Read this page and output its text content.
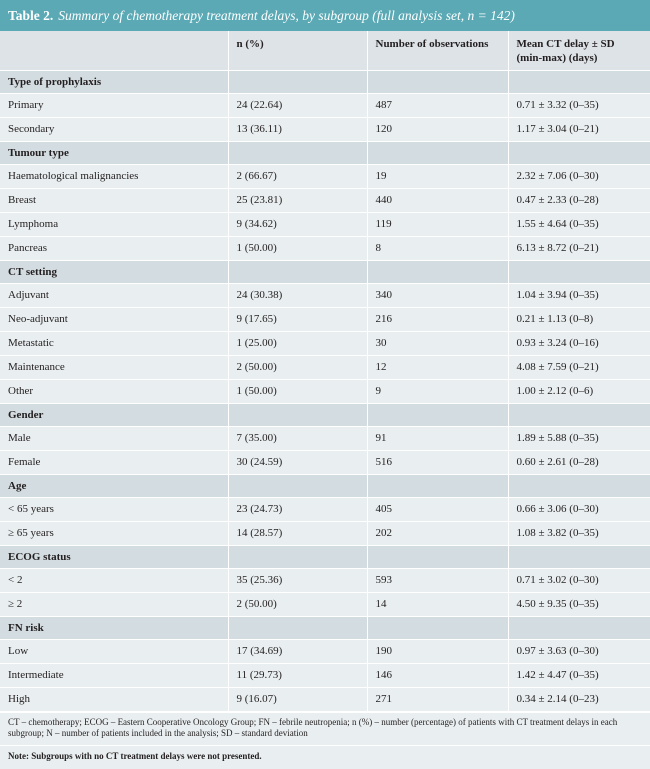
Table 2. Summary of chemotherapy treatment delays, by subgroup (full analysis set, n = 142)
	n (%)	Number of observations	Mean CT delay ± SD (min-max) (days)
Type of prophylaxis			
Primary	24 (22.64)	487	0.71 ± 3.32 (0–35)
Secondary	13 (36.11)	120	1.17 ± 3.04 (0–21)
Tumour type			
Haematological malignancies	2 (66.67)	19	2.32 ± 7.06 (0–30)
Breast	25 (23.81)	440	0.47 ± 2.33 (0–28)
Lymphoma	9 (34.62)	119	1.55 ± 4.64 (0–35)
Pancreas	1 (50.00)	8	6.13 ± 8.72 (0–21)
CT setting			
Adjuvant	24 (30.38)	340	1.04 ± 3.94 (0–35)
Neo-adjuvant	9 (17.65)	216	0.21 ± 1.13 (0–8)
Metastatic	1 (25.00)	30	0.93 ± 3.24 (0–16)
Maintenance	2 (50.00)	12	4.08 ± 7.59 (0–21)
Other	1 (50.00)	9	1.00 ± 2.12 (0–6)
Gender			
Male	7 (35.00)	91	1.89 ± 5.88 (0–35)
Female	30 (24.59)	516	0.60 ± 2.61 (0–28)
Age			
< 65 years	23 (24.73)	405	0.66 ± 3.06 (0–30)
≥ 65 years	14 (28.57)	202	1.08 ± 3.82 (0–35)
ECOG status			
< 2	35 (25.36)	593	0.71 ± 3.02 (0–30)
≥ 2	2 (50.00)	14	4.50 ± 9.35 (0–35)
FN risk			
Low	17 (34.69)	190	0.97 ± 3.63 (0–30)
Intermediate	11 (29.73)	146	1.42 ± 4.47 (0–35)
High	9 (16.07)	271	0.34 ± 2.14 (0–23)
CT – chemotherapy; ECOG – Eastern Cooperative Oncology Group; FN – febrile neutropenia; n (%) – number (percentage) of patients with CT treatment delays in each subgroup; N – number of patients included in the analysis; SD – standard deviation
Note: Subgroups with no CT treatment delays were not presented.
